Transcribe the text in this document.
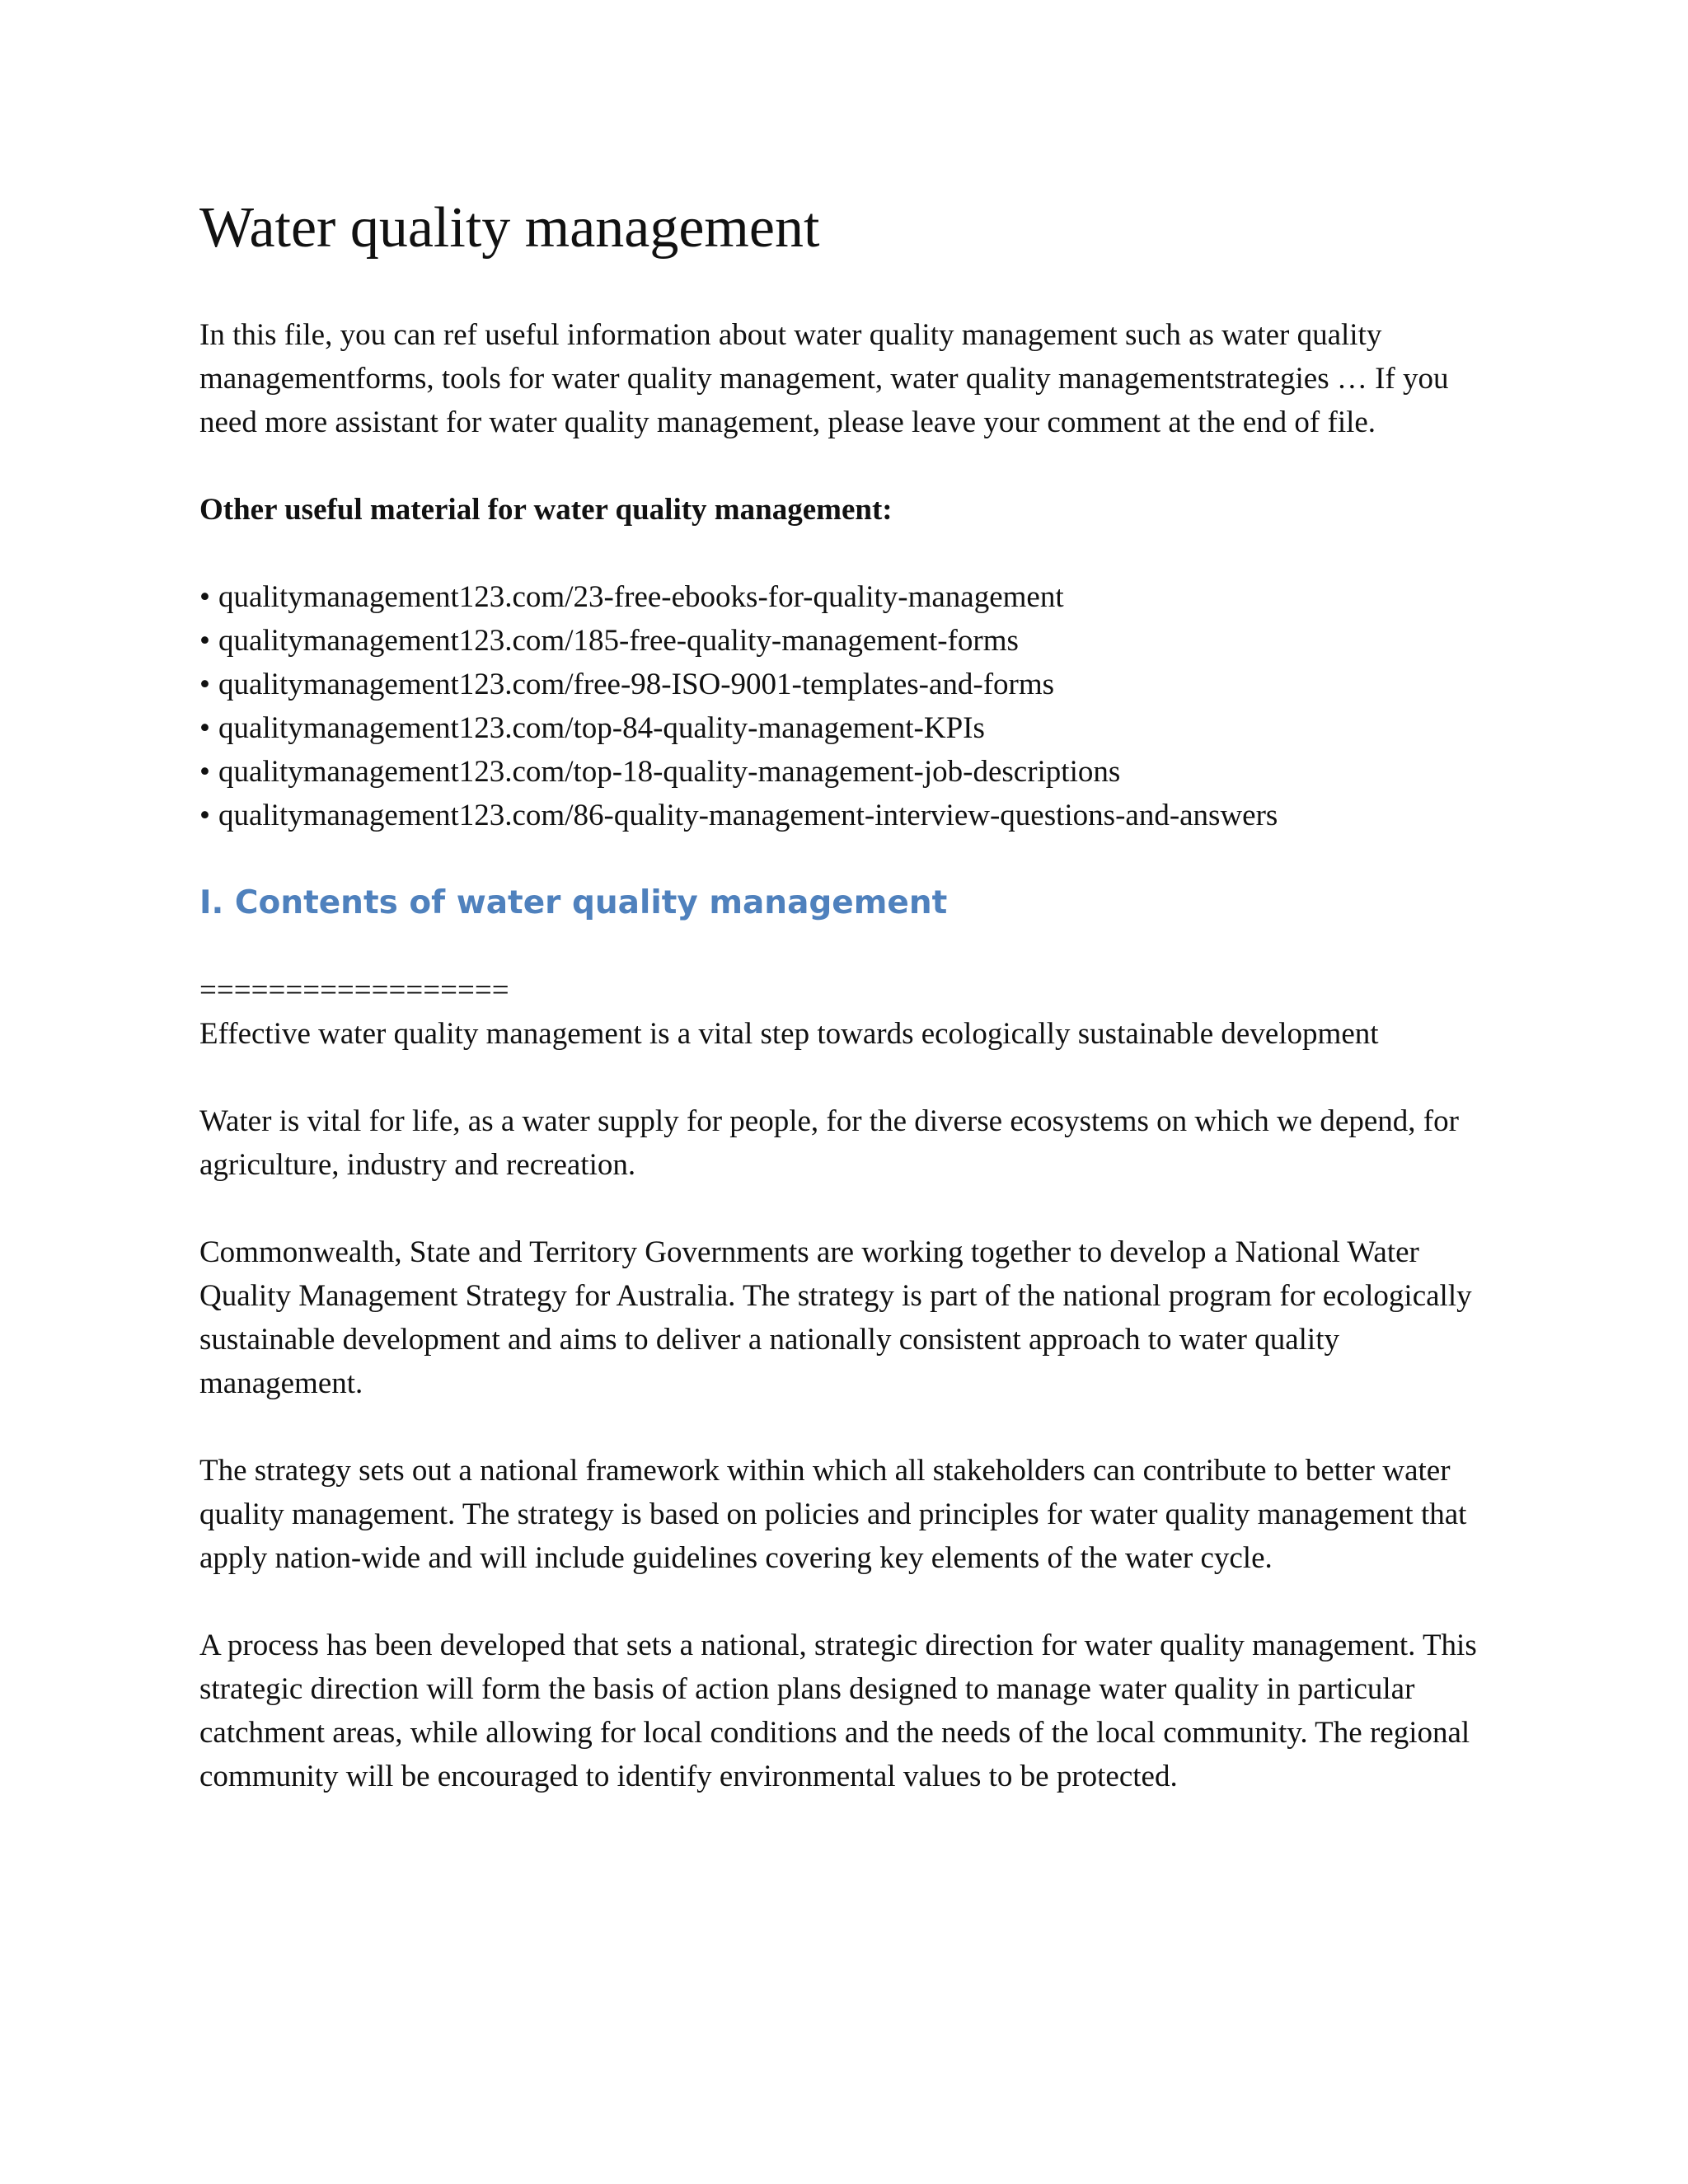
Water quality management

In this file, you can ref useful information about water quality management such as water quality managementforms, tools for water quality management, water quality managementstrategies … If you need more assistant for water quality management, please leave your comment at the end of file.

Other useful material for water quality management:

• qualitymanagement123.com/23-free-ebooks-for-quality-management
• qualitymanagement123.com/185-free-quality-management-forms
• qualitymanagement123.com/free-98-ISO-9001-templates-and-forms
• qualitymanagement123.com/top-84-quality-management-KPIs
• qualitymanagement123.com/top-18-quality-management-job-descriptions
• qualitymanagement123.com/86-quality-management-interview-questions-and-answers
I. Contents of water quality management

==================

Effective water quality management is a vital step towards ecologically sustainable development

Water is vital for life, as a water supply for people, for the diverse ecosystems on which we depend, for agriculture, industry and recreation.

Commonwealth, State and Territory Governments are working together to develop a National Water Quality Management Strategy for Australia. The strategy is part of the national program for ecologically sustainable development and aims to deliver a nationally consistent approach to water quality management.

The strategy sets out a national framework within which all stakeholders can contribute to better water quality management. The strategy is based on policies and principles for water quality management that apply nation-wide and will include guidelines covering key elements of the water cycle.

A process has been developed that sets a national, strategic direction for water quality management. This strategic direction will form the basis of action plans designed to manage water quality in particular catchment areas, while allowing for local conditions and the needs of the local community. The regional community will be encouraged to identify environmental values to be protected.
